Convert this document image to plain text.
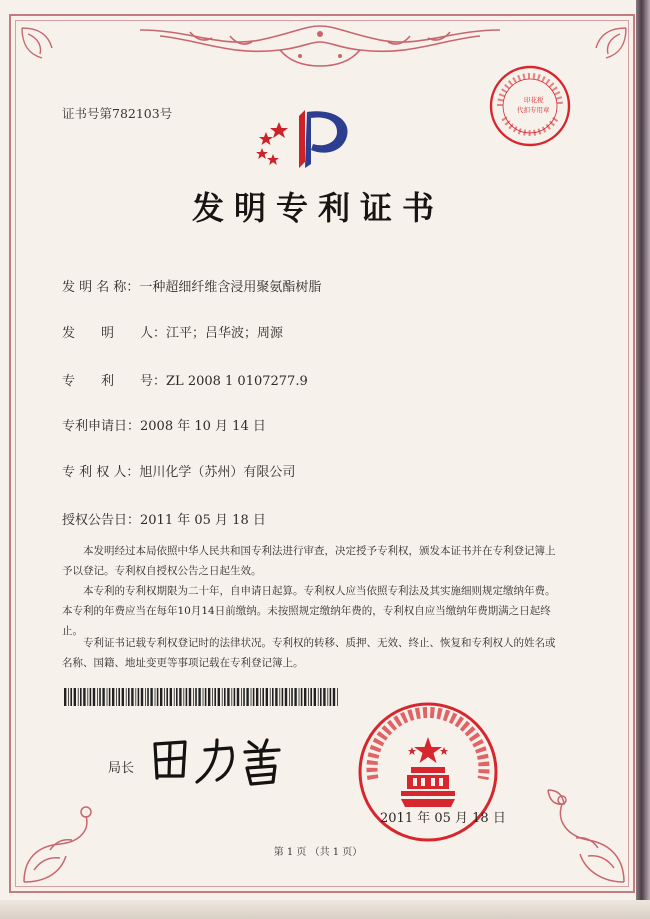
证书号第782103号
发明专利证书
发 明 名 称：一种超细纤维含浸用聚氨酯树脂
发　　明　　人：江平；吕华波；周源
专　　利　　号：ZL 2008 1 0107277.9
专利申请日：2008 年 10 月 14 日
专 利 权 人：旭川化学（苏州）有限公司
授权公告日：2011 年 05 月 18 日

本发明经过本局依照中华人民共和国专利法进行审查，决定授予专利权，颁发本证书并在专利登记簿上予以登记。专利权自授权公告之日起生效。

本专利的专利权期限为二十年，自申请日起算。专利权人应当依照专利法及其实施细则规定缴纳年费。本专利的年费应当在每年10月14日前缴纳。未按照规定缴纳年费的，专利权自应当缴纳年费期满之日起终止。

专利证书记载专利权登记时的法律状况。专利权的转移、质押、无效、终止、恢复和专利权人的姓名或名称、国籍、地址变更等事项记载在专利登记簿上。

局长
印花税
代扣专用章
2011 年 05 月 18 日
第 1 页 （共 1 页）
